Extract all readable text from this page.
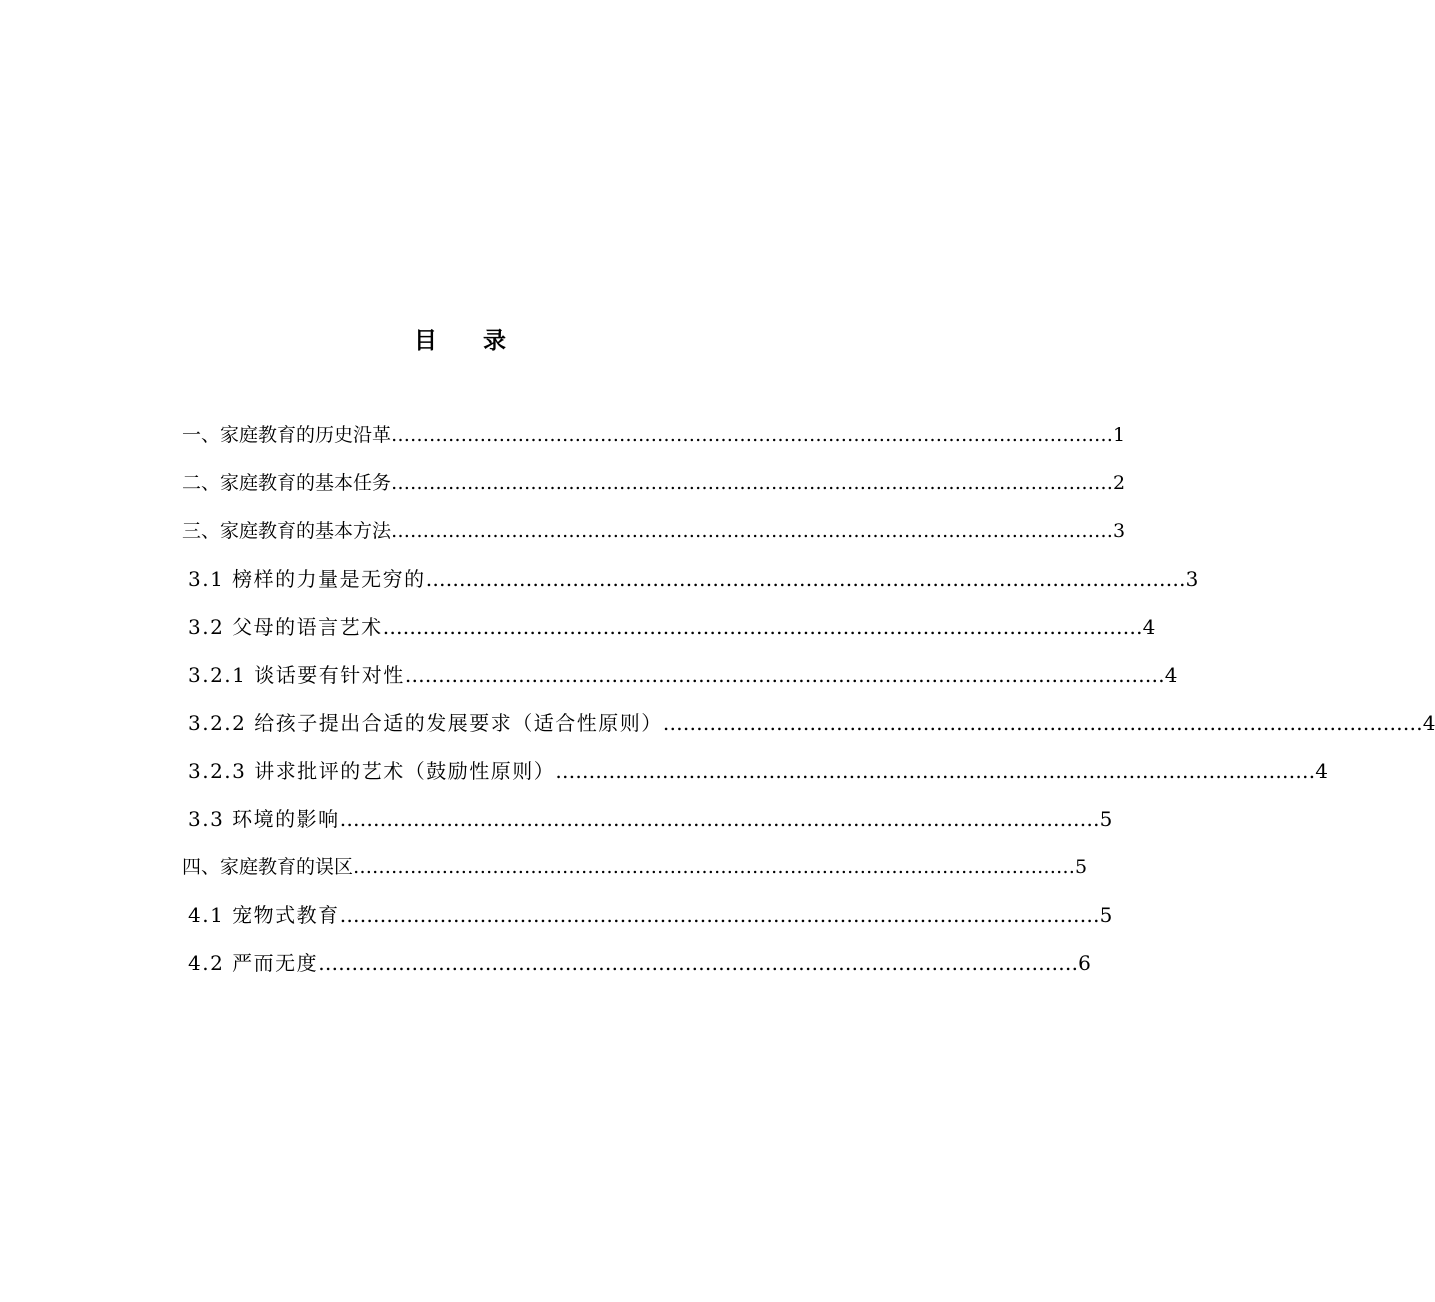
目　　录
一、家庭教育的历史沿革 …………………………………………………………………………………………………… 1
二、家庭教育的基本任务 …………………………………………………………………………………………………… 2
三、家庭教育的基本方法 …………………………………………………………………………………………………… 3
3.1 榜样的力量是无穷的 …………………………………………………………………………………………………… 3
3.2 父母的语言艺术 …………………………………………………………………………………………………… 4
3.2.1 谈话要有针对性 …………………………………………………………………………………………………… 4
3.2.2 给孩子提出合适的发展要求（适合性原则） …………………………………………………………………………………………………… 4
3.2.3 讲求批评的艺术（鼓励性原则） …………………………………………………………………………………………………… 4
3.3 环境的影响 …………………………………………………………………………………………………… 5
四、家庭教育的误区 …………………………………………………………………………………………………… 5
4.1 宠物式教育 …………………………………………………………………………………………………… 5
4.2 严而无度 …………………………………………………………………………………………………… 6
